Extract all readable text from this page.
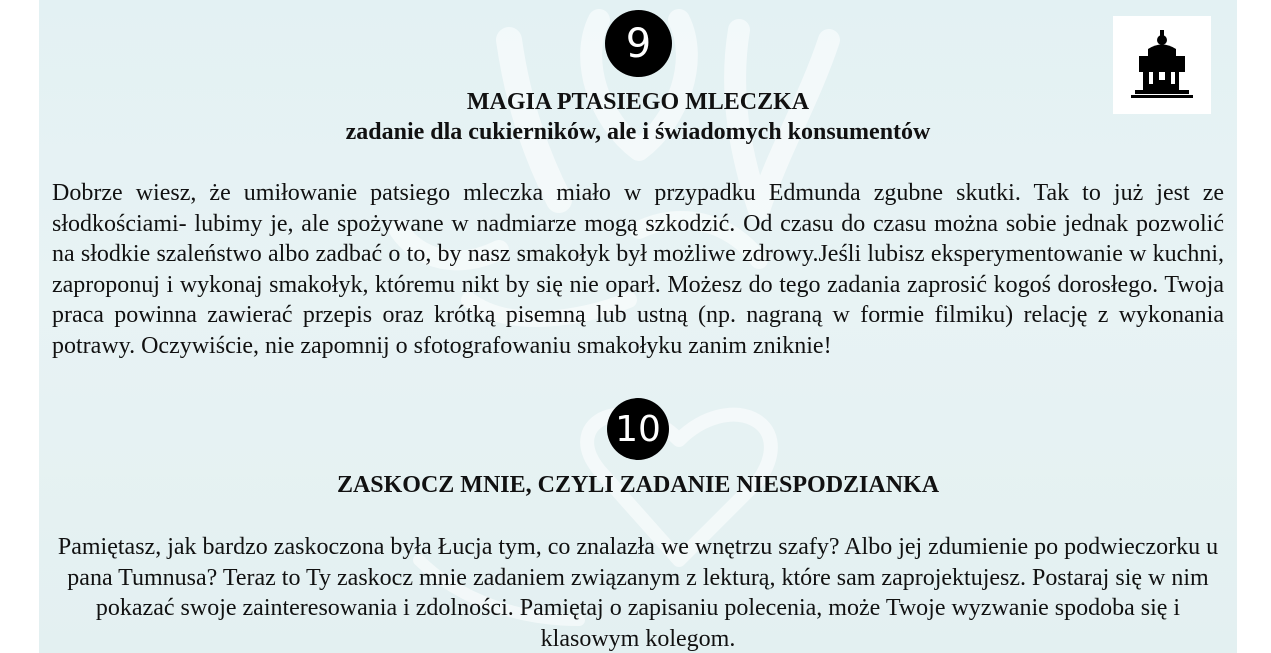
9
MAGIA PTASIEGO MLECZKA
zadanie dla cukierników, ale i świadomych konsumentów
Dobrze wiesz, że umiłowanie patsiego mleczka miało w przypadku Edmunda zgubne skutki. Tak to już jest ze słodkościami- lubimy je, ale spożywane w nadmiarze mogą szkodzić. Od czasu do czasu można sobie jednak pozwolić na słodkie szaleństwo albo zadbać o to, by nasz smakołyk był możliwe zdrowy.Jeśli lubisz eksperymentowanie w kuchni, zaproponuj i wykonaj smakołyk, któremu nikt by się nie oparł. Możesz do tego zadania zaprosić kogoś dorosłego. Twoja praca powinna zawierać przepis oraz krótką pisemną lub ustną (np. nagraną w formie filmiku) relację z wykonania potrawy. Oczywiście, nie zapomnij o sfotografowaniu smakołyku zanim zniknie!
10
ZASKOCZ MNIE, CZYLI ZADANIE NIESPODZIANKA
Pamiętasz, jak bardzo zaskoczona była Łucja tym, co znalazła we wnętrzu szafy? Albo jej zdumienie po podwieczorku u pana Tumnusa? Teraz to Ty zaskocz mnie zadaniem związanym z lekturą, które sam zaprojektujesz. Postaraj się w nim pokazać swoje zainteresowania i zdolności. Pamiętaj o zapisaniu polecenia, może Twoje wyzwanie spodoba się i klasowym kolegom.
